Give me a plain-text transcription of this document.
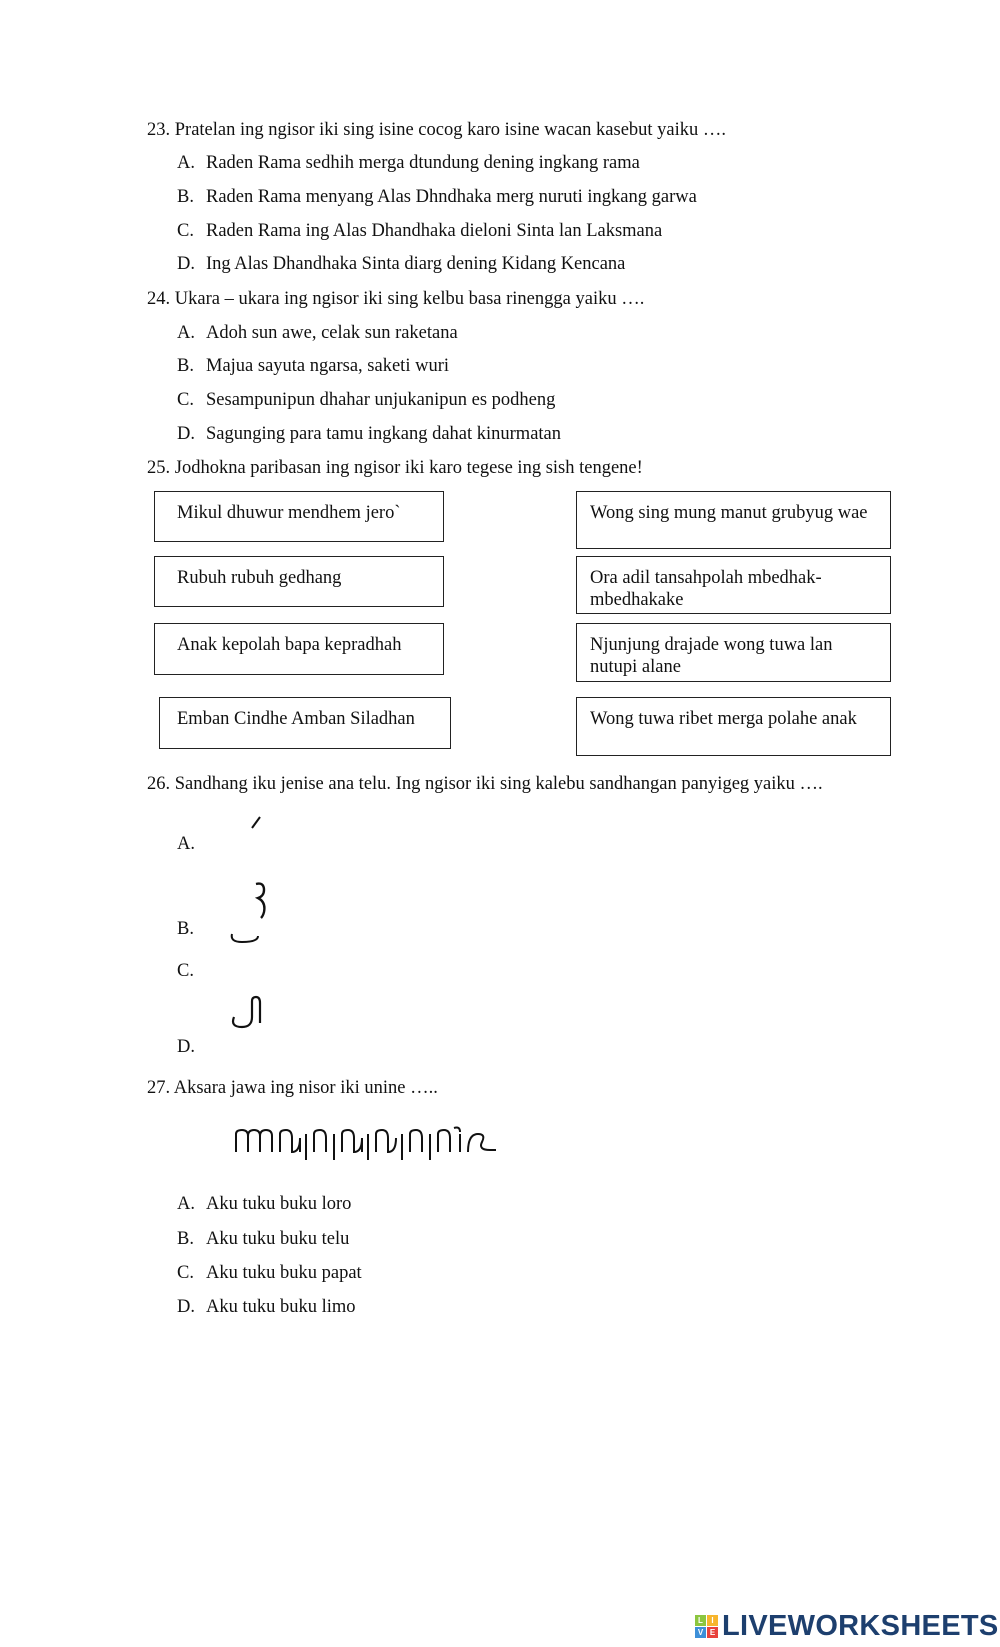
23. Pratelan ing ngisor iki sing isine cocog karo isine wacan kasebut yaiku ….
A. Raden Rama sedhih merga dtundung dening ingkang rama
B. Raden Rama menyang Alas Dhndhaka merg nuruti ingkang garwa
C. Raden Rama ing Alas Dhandhaka dieloni Sinta lan Laksmana
D. Ing Alas Dhandhaka Sinta diarg dening Kidang Kencana
24. Ukara – ukara ing ngisor iki sing kelbu basa rinengga yaiku ….
A. Adoh sun awe, celak sun raketana
B. Majua sayuta ngarsa, saketi wuri
C. Sesampunipun dhahar unjukanipun es podheng
D. Sagunging para tamu ingkang dahat kinurmatan
25. Jodhokna paribasan ing ngisor iki karo tegese ing sish tengene!
Mikul dhuwur mendhem jero`
Rubuh rubuh gedhang
Anak kepolah bapa kepradhah
Emban Cindhe Amban Siladhan
Wong sing mung manut grubyug wae
Ora adil tansahpolah mbedhak-mbedhakake
Njunjung drajade wong tuwa lan nutupi alane
Wong tuwa ribet merga polahe anak
26. Sandhang iku jenise ana telu. Ing ngisor iki sing kalebu sandhangan panyigeg yaiku ….
A.
B.
C.
D.
27. Aksara jawa ing nisor iki unine …..
A. Aku tuku buku loro
B. Aku tuku buku telu
C. Aku tuku buku papat
D. Aku tuku buku limo
L	I
V E LIVEWORKSHEETS
